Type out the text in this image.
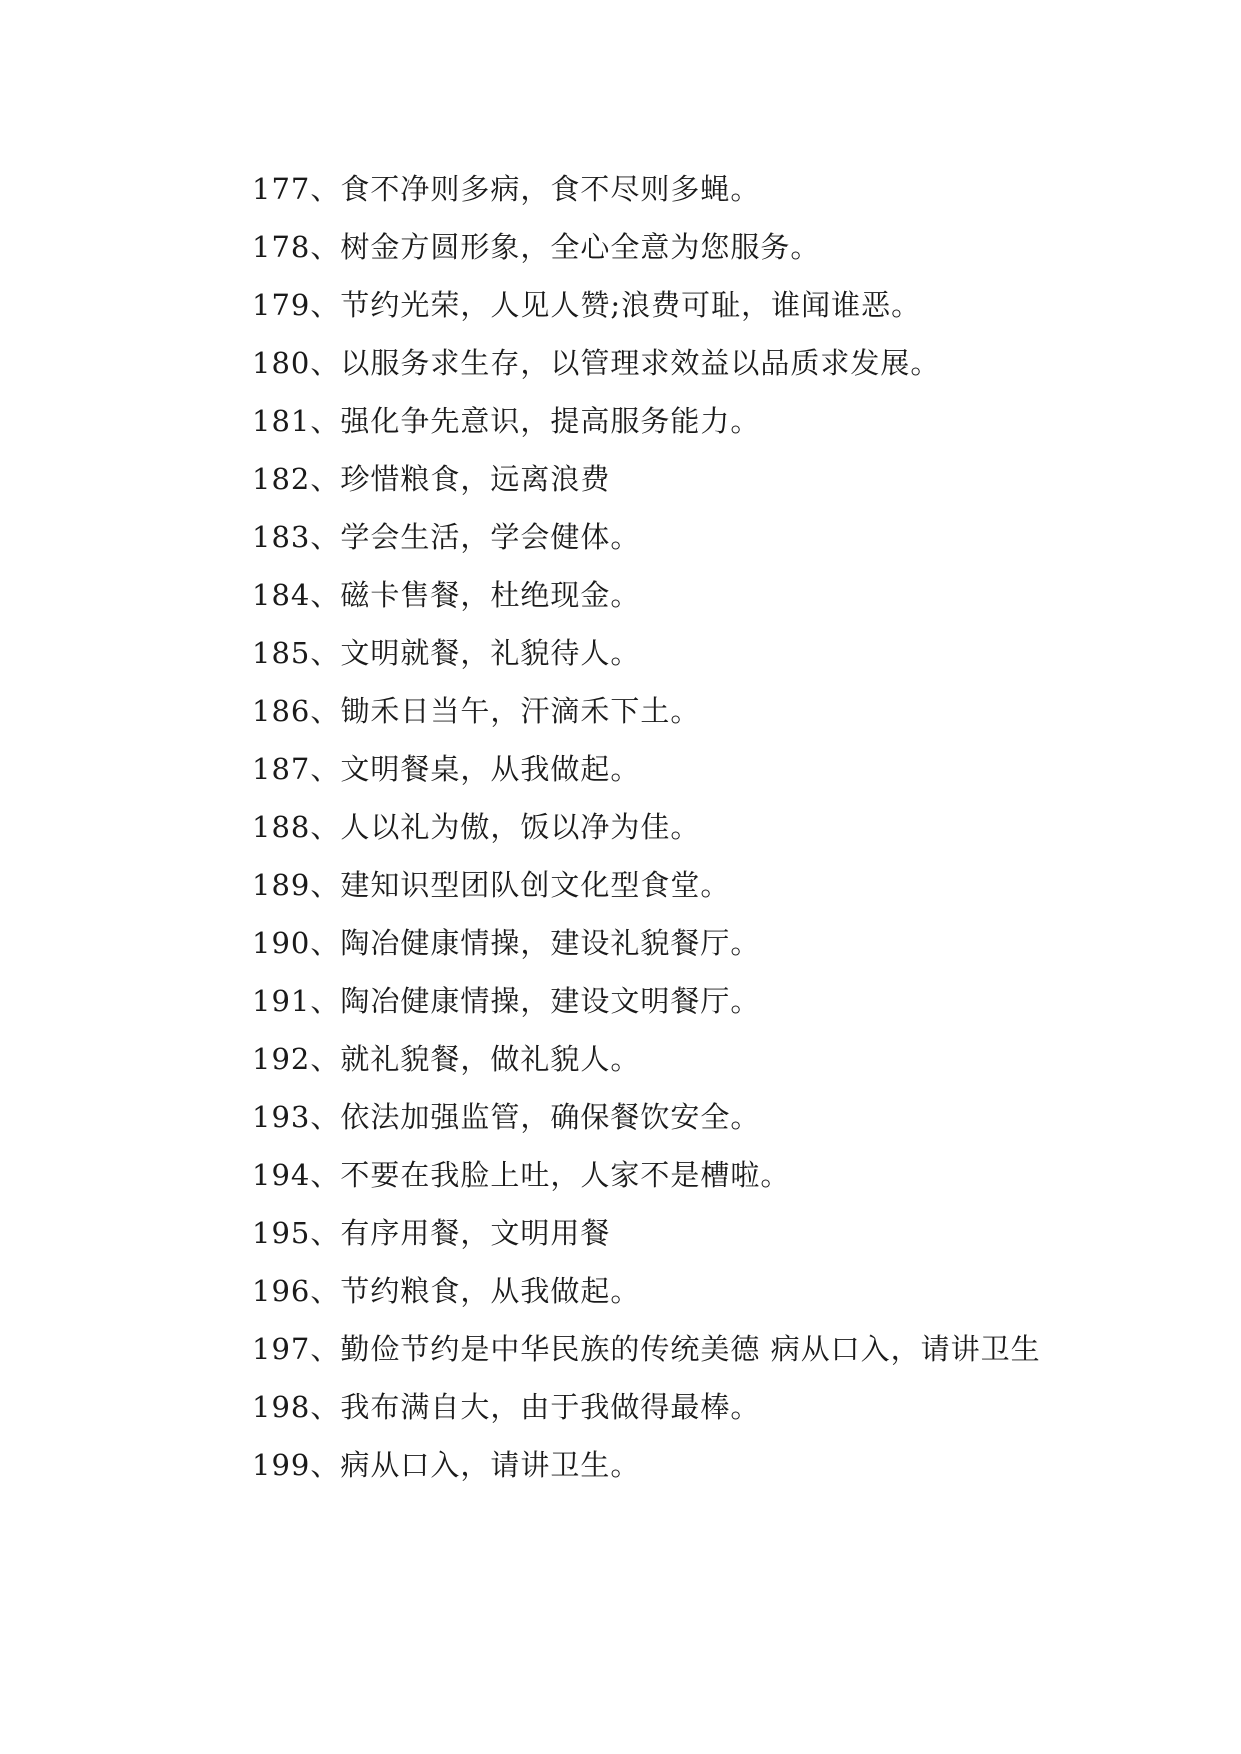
177、食不净则多病，食不尽则多蝇。

178、树金方圆形象，全心全意为您服务。

179、节约光荣，人见人赞;浪费可耻，谁闻谁恶。

180、以服务求生存，以管理求效益以品质求发展。

181、强化争先意识，提高服务能力。

182、珍惜粮食，远离浪费

183、学会生活，学会健体。

184、磁卡售餐，杜绝现金。

185、文明就餐，礼貌待人。

186、锄禾日当午，汗滴禾下土。

187、文明餐桌，从我做起。

188、人以礼为傲，饭以净为佳。

189、建知识型团队创文化型食堂。

190、陶冶健康情操，建设礼貌餐厅。

191、陶冶健康情操，建设文明餐厅。

192、就礼貌餐，做礼貌人。

193、依法加强监管，确保餐饮安全。

194、不要在我脸上吐，人家不是槽啦。

195、有序用餐，文明用餐

196、节约粮食，从我做起。

197、勤俭节约是中华民族的传统美德 病从口入，请讲卫生

198、我布满自大，由于我做得最棒。

199、病从口入，请讲卫生。
